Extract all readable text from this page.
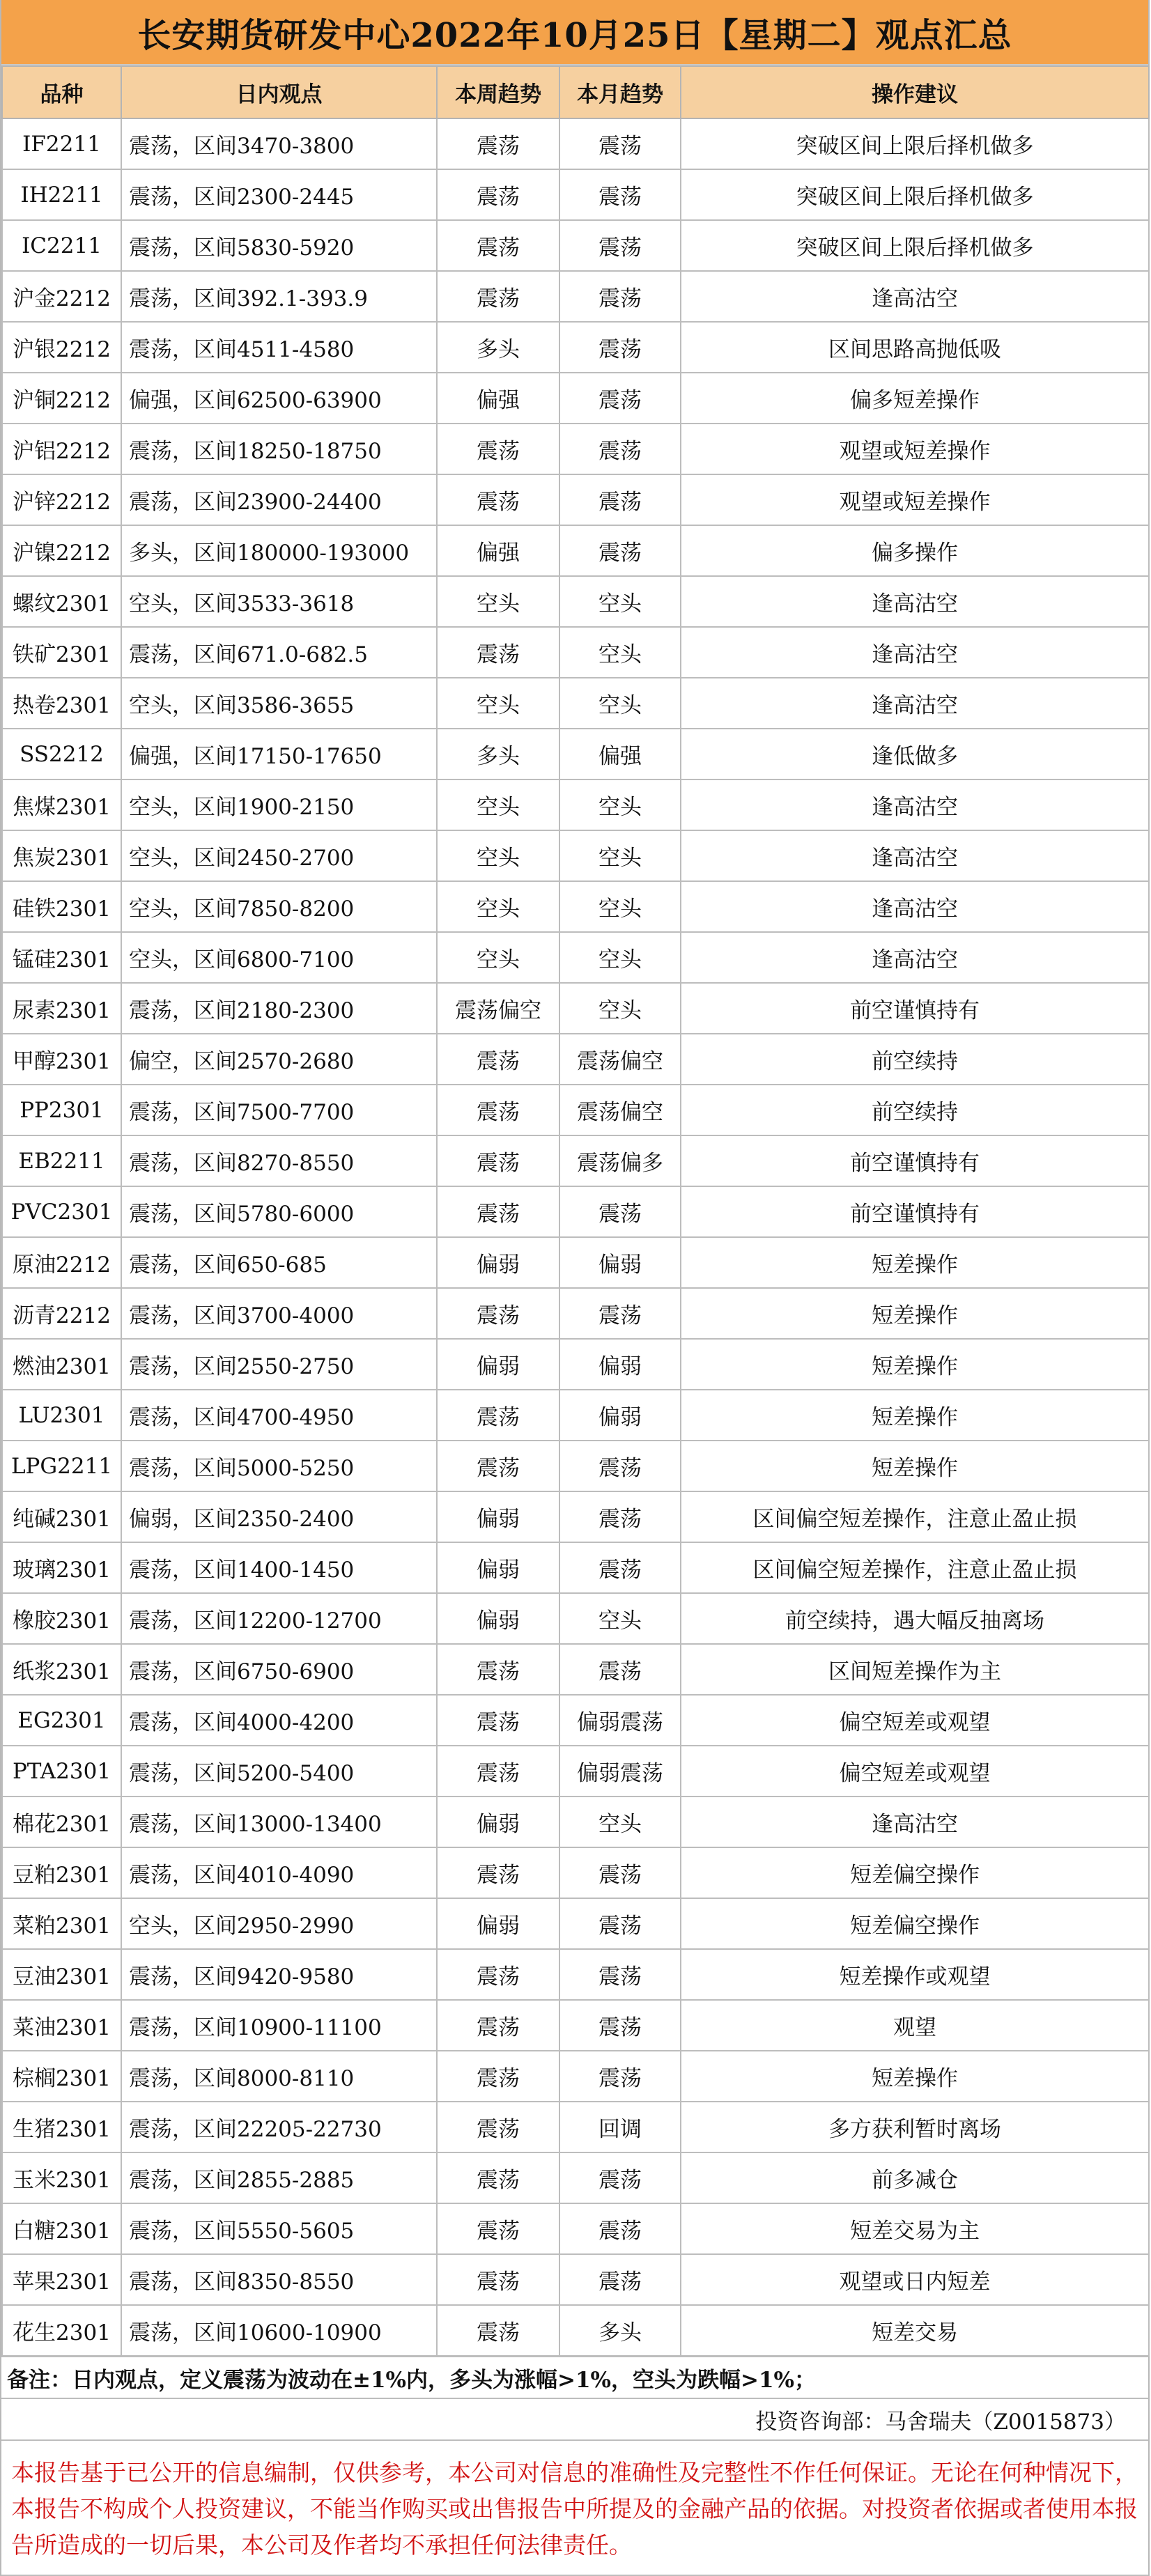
长安期货研发中心2022年10月25日【星期二】观点汇总
品种	日内观点	本周趋势	本月趋势	操作建议
IF2211	震荡，区间3470-3800	震荡	震荡	突破区间上限后择机做多
IH2211	震荡，区间2300-2445	震荡	震荡	突破区间上限后择机做多
IC2211	震荡，区间5830-5920	震荡	震荡	突破区间上限后择机做多
沪金2212	震荡，区间392.1-393.9	震荡	震荡	逢高沽空
沪银2212	震荡，区间4511-4580	多头	震荡	区间思路高抛低吸
沪铜2212	偏强，区间62500-63900	偏强	震荡	偏多短差操作
沪铝2212	震荡，区间18250-18750	震荡	震荡	观望或短差操作
沪锌2212	震荡，区间23900-24400	震荡	震荡	观望或短差操作
沪镍2212	多头，区间180000-193000	偏强	震荡	偏多操作
螺纹2301	空头，区间3533-3618	空头	空头	逢高沽空
铁矿2301	震荡，区间671.0-682.5	震荡	空头	逢高沽空
热卷2301	空头，区间3586-3655	空头	空头	逢高沽空
SS2212	偏强，区间17150-17650	多头	偏强	逢低做多
焦煤2301	空头，区间1900-2150	空头	空头	逢高沽空
焦炭2301	空头，区间2450-2700	空头	空头	逢高沽空
硅铁2301	空头，区间7850-8200	空头	空头	逢高沽空
锰硅2301	空头，区间6800-7100	空头	空头	逢高沽空
尿素2301	震荡，区间2180-2300	震荡偏空	空头	前空谨慎持有
甲醇2301	偏空，区间2570-2680	震荡	震荡偏空	前空续持
PP2301	震荡，区间7500-7700	震荡	震荡偏空	前空续持
EB2211	震荡，区间8270-8550	震荡	震荡偏多	前空谨慎持有
PVC2301	震荡，区间5780-6000	震荡	震荡	前空谨慎持有
原油2212	震荡，区间650-685	偏弱	偏弱	短差操作
沥青2212	震荡，区间3700-4000	震荡	震荡	短差操作
燃油2301	震荡，区间2550-2750	偏弱	偏弱	短差操作
LU2301	震荡，区间4700-4950	震荡	偏弱	短差操作
LPG2211	震荡，区间5000-5250	震荡	震荡	短差操作
纯碱2301	偏弱，区间2350-2400	偏弱	震荡	区间偏空短差操作，注意止盈止损
玻璃2301	震荡，区间1400-1450	偏弱	震荡	区间偏空短差操作，注意止盈止损
橡胶2301	震荡，区间12200-12700	偏弱	空头	前空续持，遇大幅反抽离场
纸浆2301	震荡，区间6750-6900	震荡	震荡	区间短差操作为主
EG2301	震荡，区间4000-4200	震荡	偏弱震荡	偏空短差或观望
PTA2301	震荡，区间5200-5400	震荡	偏弱震荡	偏空短差或观望
棉花2301	震荡，区间13000-13400	偏弱	空头	逢高沽空
豆粕2301	震荡，区间4010-4090	震荡	震荡	短差偏空操作
菜粕2301	空头，区间2950-2990	偏弱	震荡	短差偏空操作
豆油2301	震荡，区间9420-9580	震荡	震荡	短差操作或观望
菜油2301	震荡，区间10900-11100	震荡	震荡	观望
棕榈2301	震荡，区间8000-8110	震荡	震荡	短差操作
生猪2301	震荡，区间22205-22730	震荡	回调	多方获利暂时离场
玉米2301	震荡，区间2855-2885	震荡	震荡	前多减仓
白糖2301	震荡，区间5550-5605	震荡	震荡	短差交易为主
苹果2301	震荡，区间8350-8550	震荡	震荡	观望或日内短差
花生2301	震荡，区间10600-10900	震荡	多头	短差交易
备注：日内观点，定义震荡为波动在±1%内，多头为涨幅>1%，空头为跌幅>1%；
投资咨询部：马舍瑞夫（Z0015873）
本报告基于已公开的信息编制，仅供参考，本公司对信息的准确性及完整性不作任何保证。无论在何种情况下，本报告不构成个人投资建议，不能当作购买或出售报告中所提及的金融产品的依据。对投资者依据或者使用本报告所造成的一切后果，本公司及作者均不承担任何法律责任。
